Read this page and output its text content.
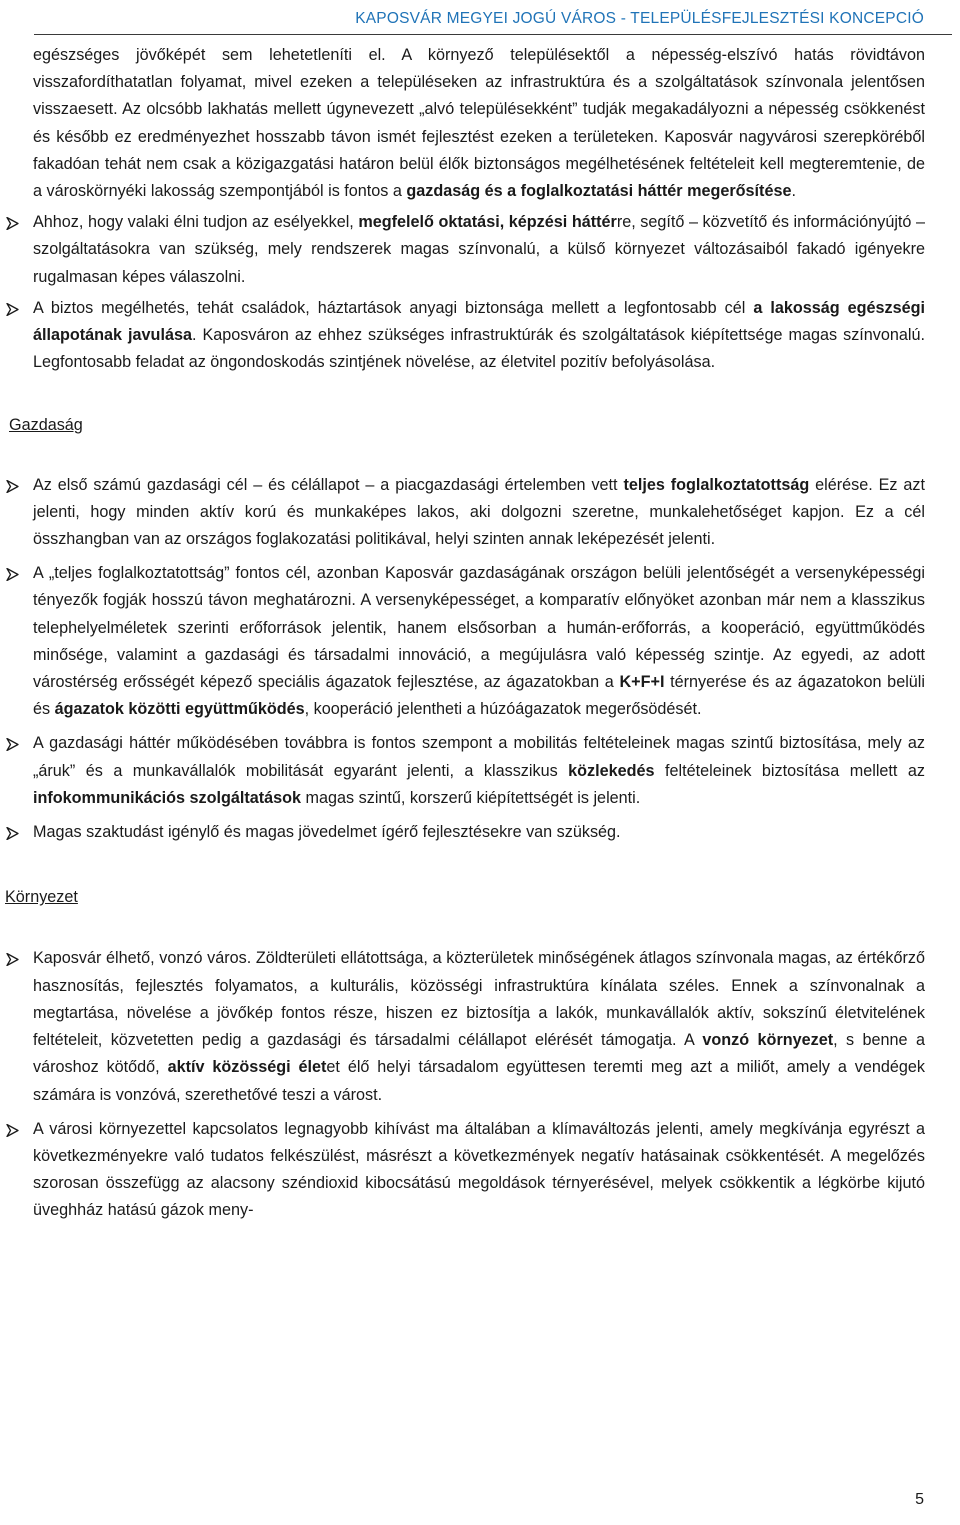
KAPOSVÁR MEGYEI JOGÚ VÁROS - TELEPÜLÉSFEJLESZTÉSI KONCEPCIÓ

egészséges jövőképét sem lehetetleníti el. A környező településektől a népesség-elszívó hatás rövidtávon visszafordíthatatlan folyamat, mivel ezeken a településeken az infrastruktúra és a szolgáltatások színvonala jelentősen visszaesett. Az olcsóbb lakhatás mellett úgynevezett „alvó településekként” tudják megakadályozni a népesség csökkenést és később ez eredményezhet hosszabb távon ismét fejlesztést ezeken a területeken. Kaposvár nagyvárosi szerepköréből fakadóan tehát nem csak a közigazgatási határon belül élők biztonságos megélhetésének feltételeit kell megteremtenie, de a városkörnyéki lakosság szempontjából is fontos a gazdaság és a foglalkoztatási háttér megerősítése.

Ahhoz, hogy valaki élni tudjon az esélyekkel, megfelelő oktatási, képzési háttérre, segítő – közvetítő és információnyújtó – szolgáltatásokra van szükség, mely rendszerek magas színvonalú, a külső környezet változásaiból fakadó igényekre rugalmasan képes válaszolni.
A biztos megélhetés, tehát családok, háztartások anyagi biztonsága mellett a legfontosabb cél a lakosság egészségi állapotának javulása. Kaposváron az ehhez szükséges infrastruktúrák és szolgáltatások kiépítettsége magas színvonalú. Legfontosabb feladat az öngondoskodás szintjének növelése, az életvitel pozitív befolyásolása.
Gazdaság
Az első számú gazdasági cél – és célállapot – a piacgazdasági értelemben vett teljes foglalkoztatottság elérése. Ez azt jelenti, hogy minden aktív korú és munkaképes lakos, aki dolgozni szeretne, munkalehetőséget kapjon. Ez a cél összhangban van az országos foglakozatási politikával, helyi szinten annak leképezését jelenti.
A „teljes foglalkoztatottság” fontos cél, azonban Kaposvár gazdaságának országon belüli jelentőségét a versenyképességi tényezők fogják hosszú távon meghatározni. A versenyképességet, a komparatív előnyöket azonban már nem a klasszikus telephelyelméletek szerinti erőforrások jelentik, hanem elsősorban a humán-erőforrás, a kooperáció, együttműködés minősége, valamint a gazdasági és társadalmi innováció, a megújulásra való képesség szintje. Az egyedi, az adott várostérség erősségét képező speciális ágazatok fejlesztése, az ágazatokban a K+F+I térnyerése és az ágazatokon belüli és ágazatok közötti együttműködés, kooperáció jelentheti a húzóágazatok megerősödését.
A gazdasági háttér működésében továbbra is fontos szempont a mobilitás feltételeinek magas szintű biztosítása, mely az „áruk” és a munkavállalók mobilitását egyaránt jelenti, a klasszikus közlekedés feltételeinek biztosítása mellett az infokommunikációs szolgáltatások magas szintű, korszerű kiépítettségét is jelenti.
Magas szaktudást igénylő és magas jövedelmet ígérő fejlesztésekre van szükség.
Környezet
Kaposvár élhető, vonzó város. Zöldterületi ellátottsága, a közterületek minőségének átlagos színvonala magas, az értékőrző hasznosítás, fejlesztés folyamatos, a kulturális, közösségi infrastruktúra kínálata széles. Ennek a színvonalnak a megtartása, növelése a jövőkép fontos része, hiszen ez biztosítja a lakók, munkavállalók aktív, sokszínű életvitelének feltételeit, közvetetten pedig a gazdasági és társadalmi célállapot elérését támogatja. A vonzó környezet, s benne a városhoz kötődő, aktív közösségi életet élő helyi társadalom együttesen teremti meg azt a miliőt, amely a vendégek számára is vonzóvá, szerethetővé teszi a várost.
A városi környezettel kapcsolatos legnagyobb kihívást ma általában a klímaváltozás jelenti, amely megkívánja egyrészt a következményekre való tudatos felkészülést, másrészt a következmények negatív hatásainak csökkentését. A megelőzés szorosan összefügg az alacsony széndioxid kibocsátású megoldások térnyerésével, melyek csökkentik a légkörbe kijutó üveghház hatású gázok meny-
5
